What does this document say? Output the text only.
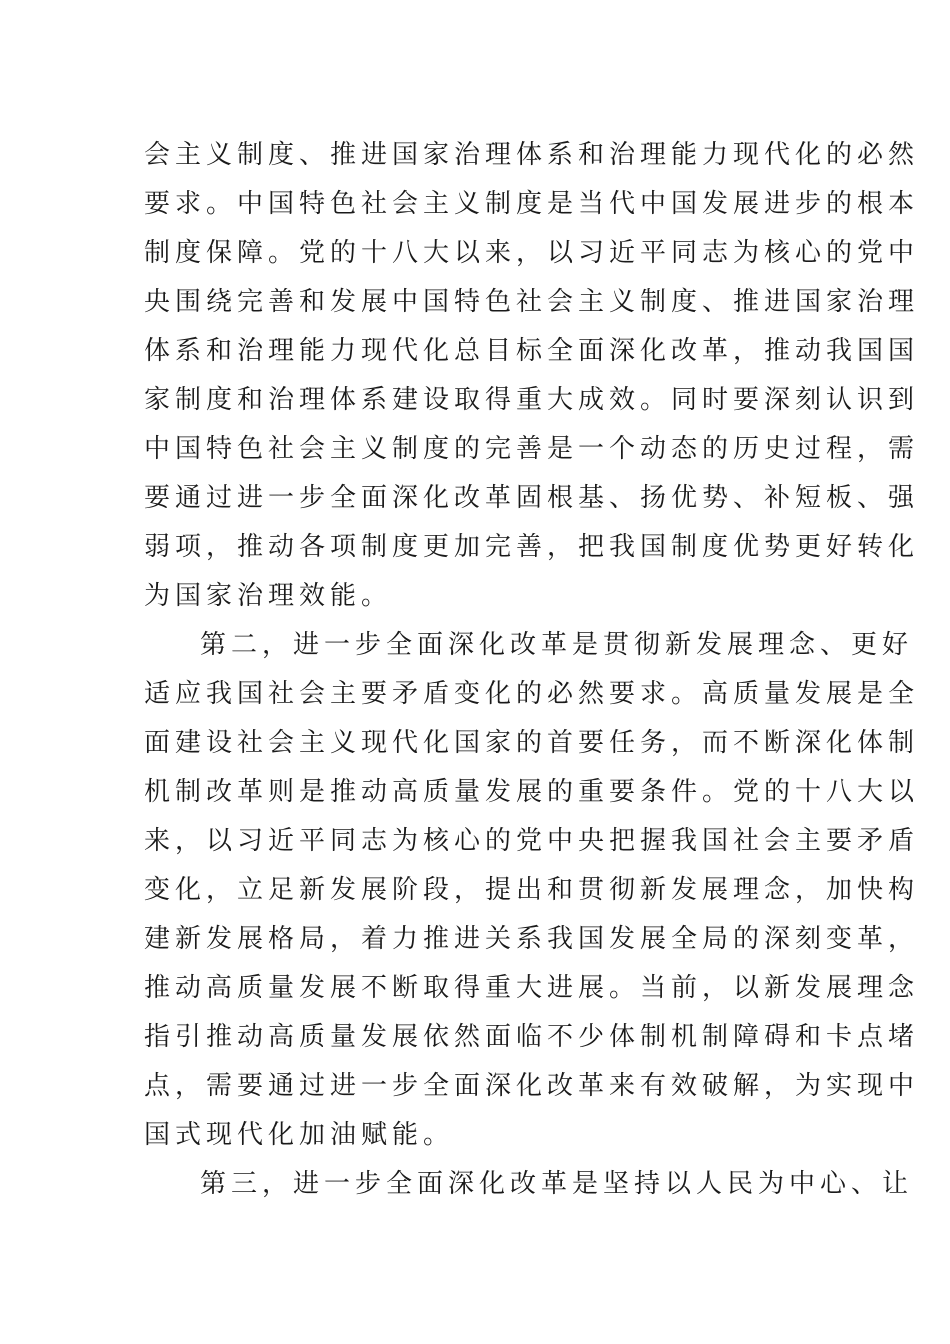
会主义制度、推进国家治理体系和治理能力现代化的必然
要求。中国特色社会主义制度是当代中国发展进步的根本
制度保障。党的十八大以来，以习近平同志为核心的党中
央围绕完善和发展中国特色社会主义制度、推进国家治理
体系和治理能力现代化总目标全面深化改革，推动我国国
家制度和治理体系建设取得重大成效。同时要深刻认识到
中国特色社会主义制度的完善是一个动态的历史过程，需
要通过进一步全面深化改革固根基、扬优势、补短板、强
弱项，推动各项制度更加完善，把我国制度优势更好转化
为国家治理效能。
第二，进一步全面深化改革是贯彻新发展理念、更好
适应我国社会主要矛盾变化的必然要求。高质量发展是全
面建设社会主义现代化国家的首要任务，而不断深化体制
机制改革则是推动高质量发展的重要条件。党的十八大以
来，以习近平同志为核心的党中央把握我国社会主要矛盾
变化，立足新发展阶段，提出和贯彻新发展理念，加快构
建新发展格局，着力推进关系我国发展全局的深刻变革，
推动高质量发展不断取得重大进展。当前，以新发展理念
指引推动高质量发展依然面临不少体制机制障碍和卡点堵
点，需要通过进一步全面深化改革来有效破解，为实现中
国式现代化加油赋能。
第三，进一步全面深化改革是坚持以人民为中心、让
